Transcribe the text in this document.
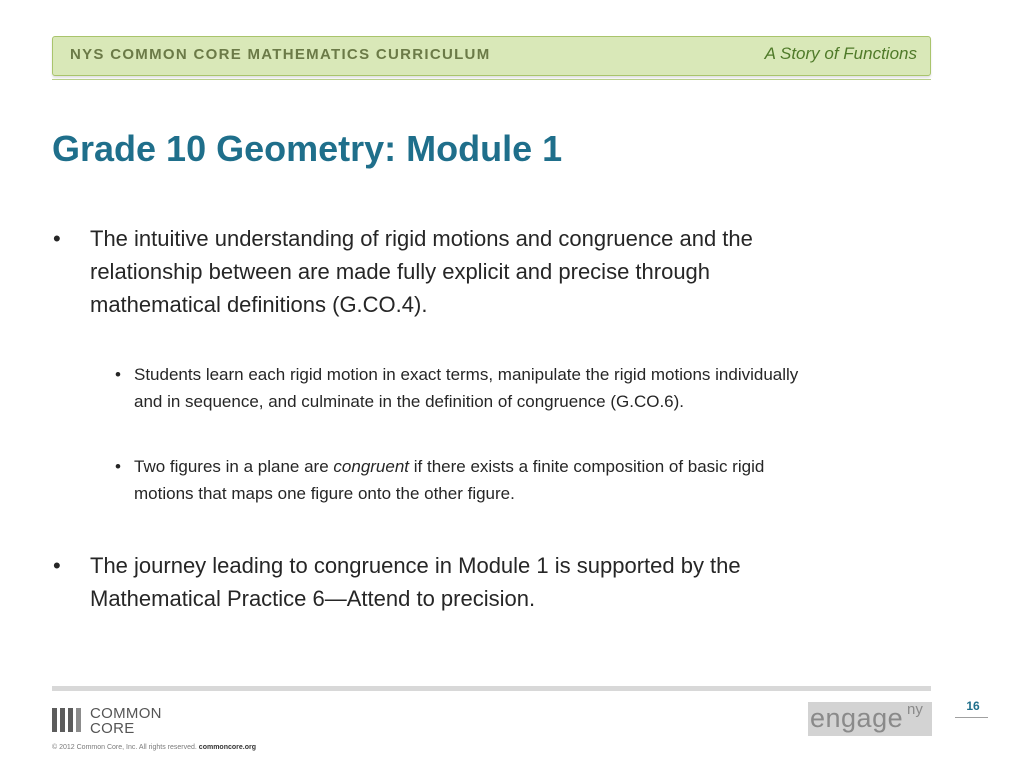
NYS COMMON CORE MATHEMATICS CURRICULUM	A Story of Functions
Grade 10 Geometry: Module 1
• The intuitive understanding of rigid motions and congruence and the
relationship between are made fully explicit and precise through
mathematical definitions (G.CO.4).
• Students learn each rigid motion in exact terms, manipulate the rigid motions individually
and in sequence, and culminate in the definition of congruence (G.CO.6).
• Two figures in a plane are congruent if there exists a finite composition of basic rigid
motions that maps one figure onto the other figure.
• The journey leading to congruence in Module 1 is supported by the
Mathematical Practice 6—Attend to precision.
COMMON
CORE
© 2012 Common Core, Inc. All rights reserved. commoncore.org
engage ny	16
